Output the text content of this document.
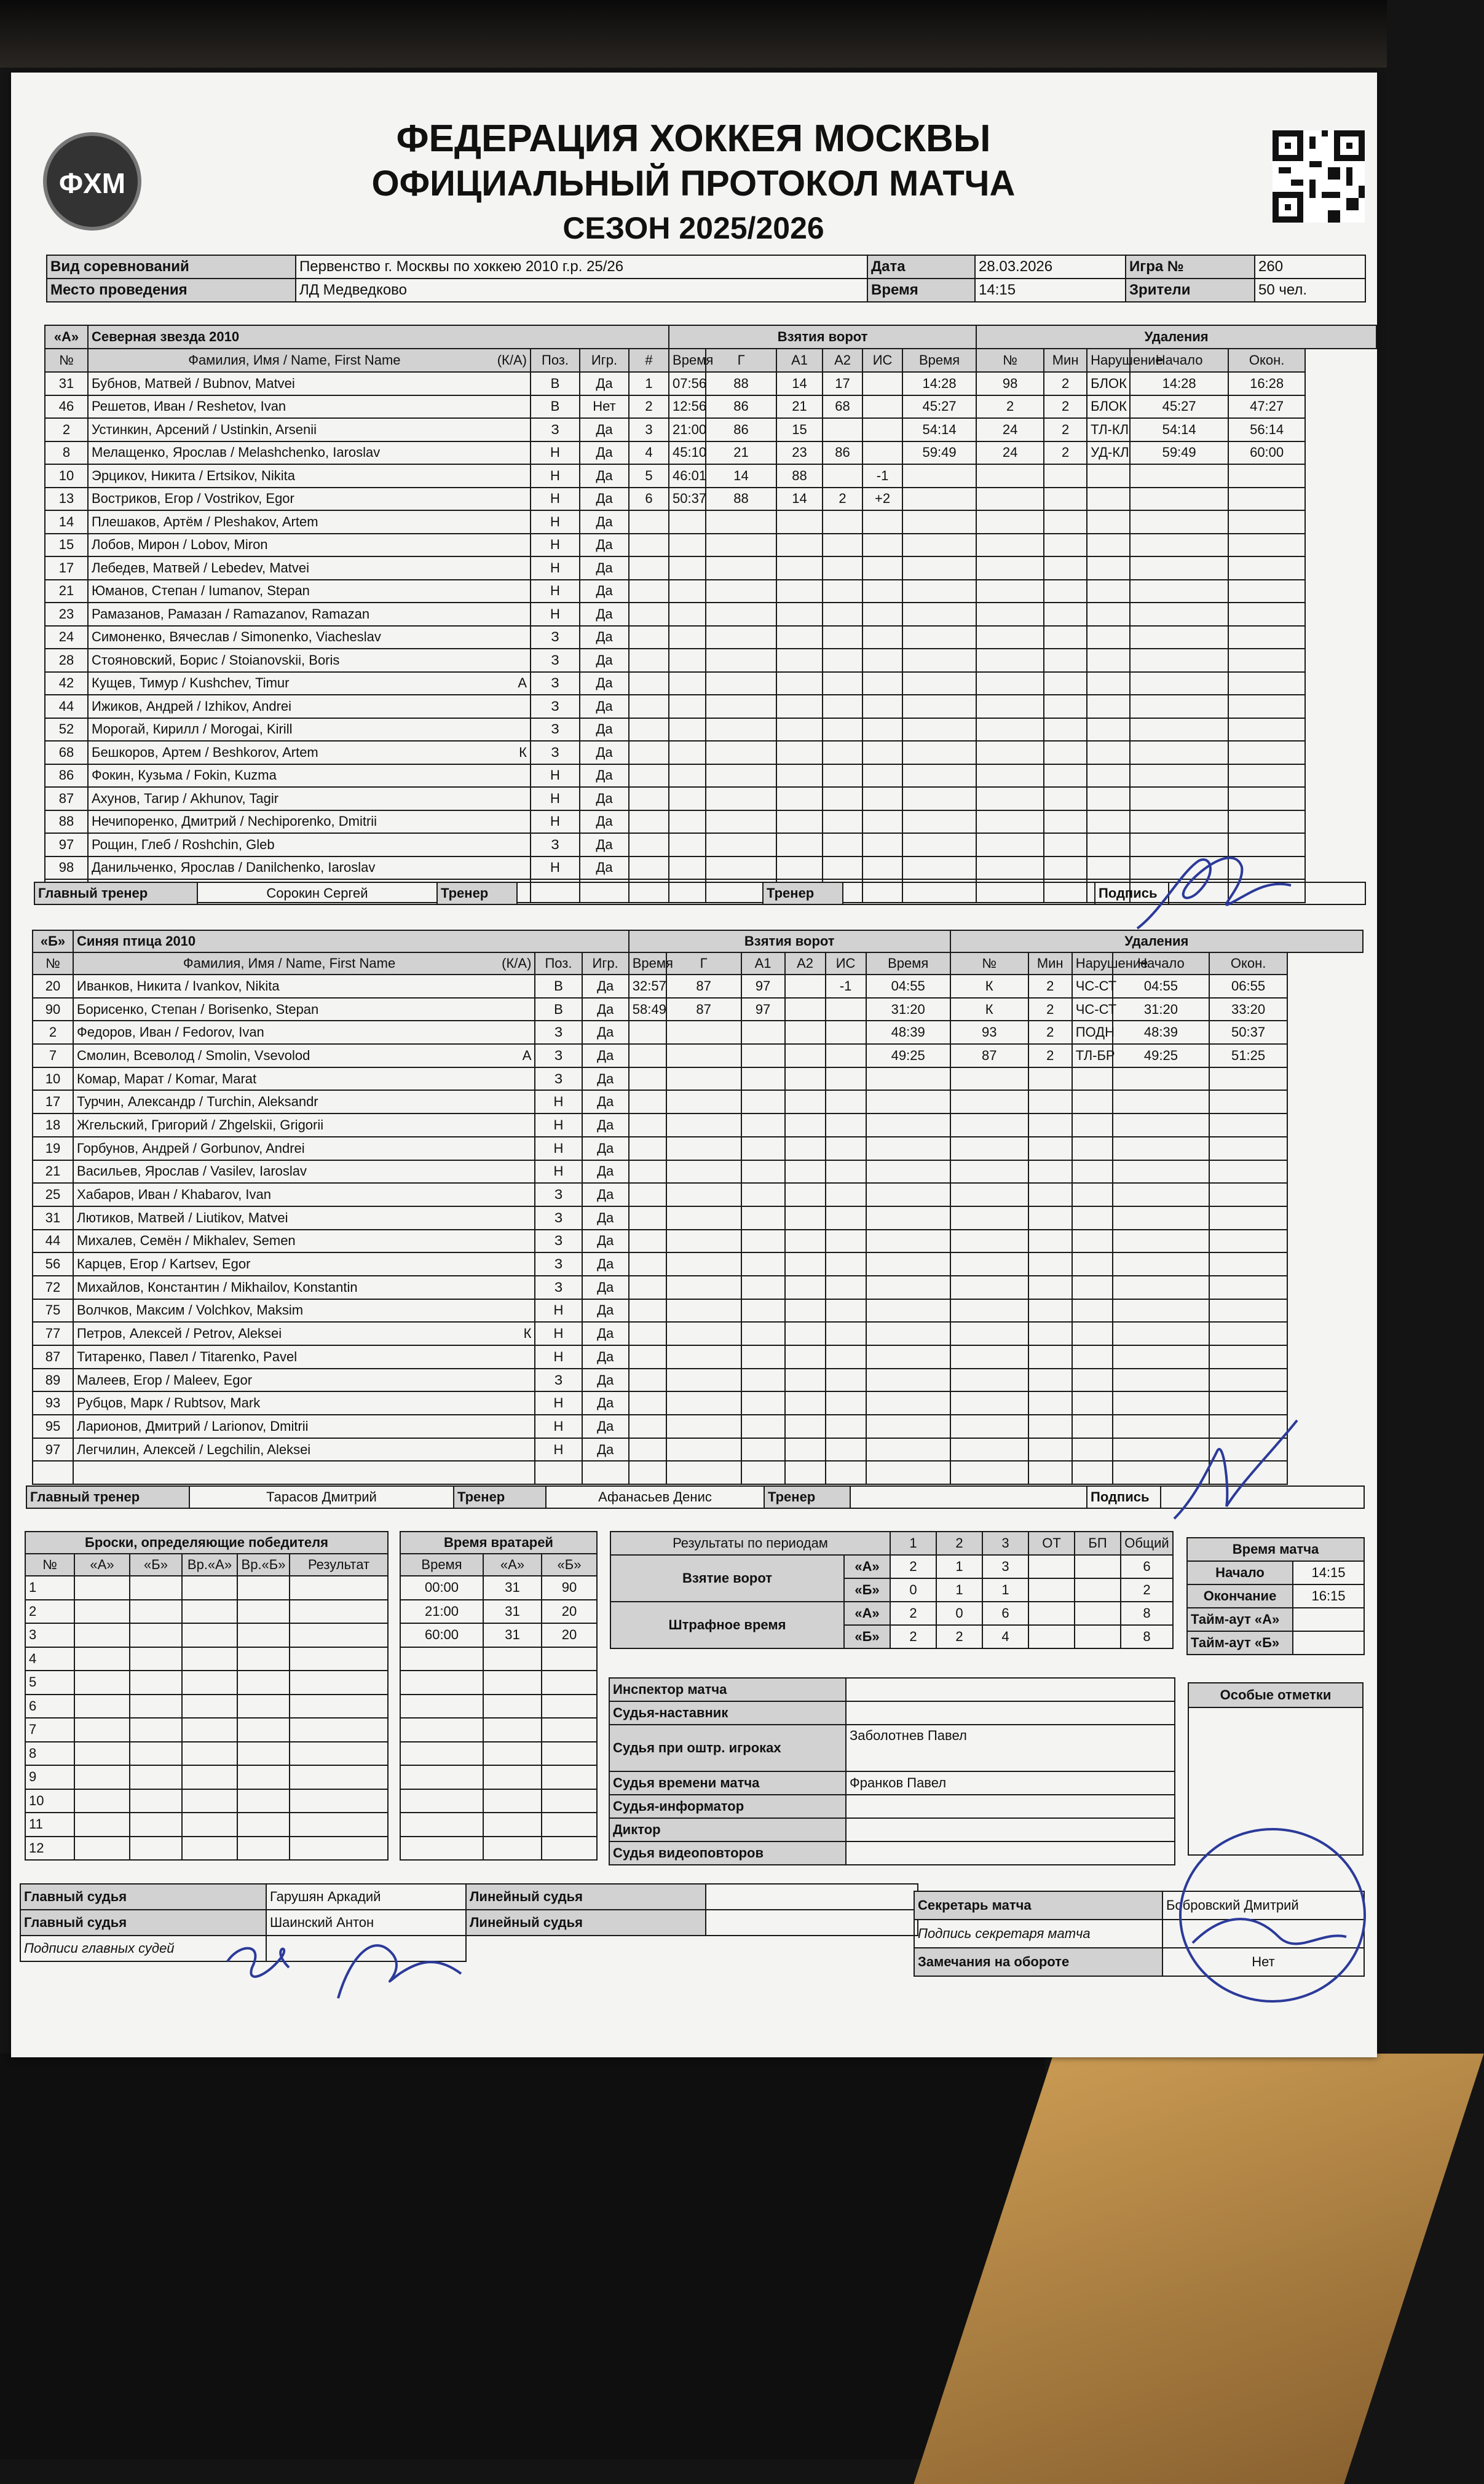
ФХМ
ФЕДЕРАЦИЯ ХОККЕЯ МОСКВЫ
ОФИЦИАЛЬНЫЙ ПРОТОКОЛ МАТЧА
СЕЗОН 2025/2026
Вид соревнований	Первенство г. Москвы по хоккею 2010 г.р. 25/26	Дата	28.03.2026	Игра №	260
Место проведения	ЛД Медведково	Время	14:15	Зрители	50 чел.
«А»	Северная звезда 2010				Взятия ворот						Удаления				
№	Фамилия, Имя / Name, First Name (К/А)	Поз.	Игр.	#	Время	Г	А1	А2	ИС	Время	№	Мин	Нарушение	Начало	Окон.
31	Бубнов, Матвей / Bubnov, Matvei	В	Да	1	07:56	88	14	17		14:28	98	2	БЛОК	14:28	16:28
46	Решетов, Иван / Reshetov, Ivan	В	Нет	2	12:56	86	21	68		45:27	2	2	БЛОК	45:27	47:27
2	Устинкин, Арсений / Ustinkin, Arsenii	З	Да	3	21:00	86	15			54:14	24	2	ТЛ-КЛ	54:14	56:14
8	Мелащенко, Ярослав / Melashchenko, Iaroslav	Н	Да	4	45:10	21	23	86		59:49	24	2	УД-КЛ	59:49	60:00
10	Эрцикоv, Никита / Ertsikov, Nikita	Н	Да	5	46:01	14	88		-1						
13	Востриков, Егор / Vostrikov, Egor	Н	Да	6	50:37	88	14	2	+2						
14	Плешаков, Артём / Pleshakov, Artem	Н	Да												
15	Лобов, Мирон / Lobov, Miron	Н	Да												
17	Лебедев, Матвей / Lebedev, Matvei	Н	Да												
21	Юманов, Степан / Iumanov, Stepan	Н	Да												
23	Рамазанов, Рамазан / Ramazanov, Ramazan	Н	Да												
24	Симоненко, Вячеслав / Simonenko, Viacheslav	З	Да												
28	Стояновский, Борис / Stoianovskii, Boris	З	Да												
42	Кущев, Тимур / Kushchev, Timur А	З	Да												
44	Ижиков, Андрей / Izhikov, Andrei	З	Да												
52	Морогай, Кирилл / Morogai, Kirill	З	Да												
68	Бешкоров, Артем / Beshkorov, Artem К	З	Да												
86	Фокин, Кузьма / Fokin, Kuzma	Н	Да												
87	Ахунов, Тагир / Akhunov, Tagir	Н	Да												
88	Нечипоренко, Дмитрий / Nechiporenko, Dmitrii	Н	Да												
97	Рощин, Глеб / Roshchin, Gleb	З	Да												
98	Данильченко, Ярослав / Danilchenko, Iaroslav	Н	Да												

Главный тренер	Сорокин Сергей	Тренер		Тренер		Подпись	
«Б»	Синяя птица 2010			Взятия ворот						Удаления				
№	Фамилия, Имя / Name, First Name (К/А)	Поз.	Игр.		Время	Г	А1	А2	ИС	Время	№	Мин	Нарушение	Начало	Окон.
20	Иванков, Никита / Ivankov, Nikita	В	Да		32:57	87	97		-1	04:55	К	2	ЧС-СТ	04:55	06:55
90	Борисенко, Степан / Borisenko, Stepan	В	Да		58:49	87	97			31:20	К	2	ЧС-СТ	31:20	33:20
2	Федоров, Иван / Fedorov, Ivan	З	Да							48:39	93	2	ПОДН	48:39	50:37
7	Смолин, Всеволод / Smolin, Vsevolod А	З	Да							49:25	87	2	ТЛ-БР	49:25	51:25
10	Комар, Марат / Komar, Marat	З	Да												
17	Турчин, Александр / Turchin, Aleksandr	Н	Да												
18	Жгельский, Григорий / Zhgelskii, Grigorii	Н	Да												
19	Горбунов, Андрей / Gorbunov, Andrei	Н	Да												
21	Васильев, Ярослав / Vasilev, Iaroslav	Н	Да												
25	Хабаров, Иван / Khabarov, Ivan	З	Да												
31	Лютиков, Матвей / Liutikov, Matvei	З	Да												
44	Михалев, Семён / Mikhalev, Semen	З	Да												
56	Карцев, Егор / Kartsev, Egor	З	Да												
72	Михайлов, Константин / Mikhailov, Konstantin	З	Да												
75	Волчков, Максим / Volchkov, Maksim	Н	Да												
77	Петров, Алексей / Petrov, Aleksei К	Н	Да												
87	Титаренко, Павел / Titarenko, Pavel	Н	Да												
89	Малеев, Егор / Maleev, Egor	З	Да												
93	Рубцов, Марк / Rubtsov, Mark	Н	Да												
95	Ларионов, Дмитрий / Larionov, Dmitrii	Н	Да												
97	Легчилин, Алексей / Legchilin, Aleksei	Н	Да												

Главный тренер	Тарасов Дмитрий	Тренер	Афанасьев Денис	Тренер		Подпись	
Броски, определяющие победителя					
№	«А»	«Б»	Вр.«А»	Вр.«Б»	Результат
1					
2					
3					
4					
5					
6					
7					
8					
9					
10					
11					
12					
Время вратарей		
Время	«А»	«Б»
00:00	31	90
21:00	31	20
60:00	31	20

Результаты по периодам		1	2	3	ОТ	БП	Общий
Взятие ворот	«А»	2	1	3			6
	«Б»	0	1	1			2
Штрафное время	«А»	2	0	6			8
	«Б»	2	2	4			8
Время матча	
Начало	14:15
Окончание	16:15
Тайм-аут «А»	
Тайм-аут «Б»	
Инспектор матча	
Судья-наставник	
Судья при оштр. игроках	Заболотнев Павел
Судья времени матча	Франков Павел
Судья-информатор	
Диктор	
Судья видеоповторов	
Особые отметки

Главный судья	Гарушян Аркадий	Линейный судья	
Главный судья	Шаинский Антон	Линейный судья	
Подписи главных судей			
Секретарь матча	Бобровский Дмитрий
Подпись секретаря матча	
Замечания на обороте	Нет
